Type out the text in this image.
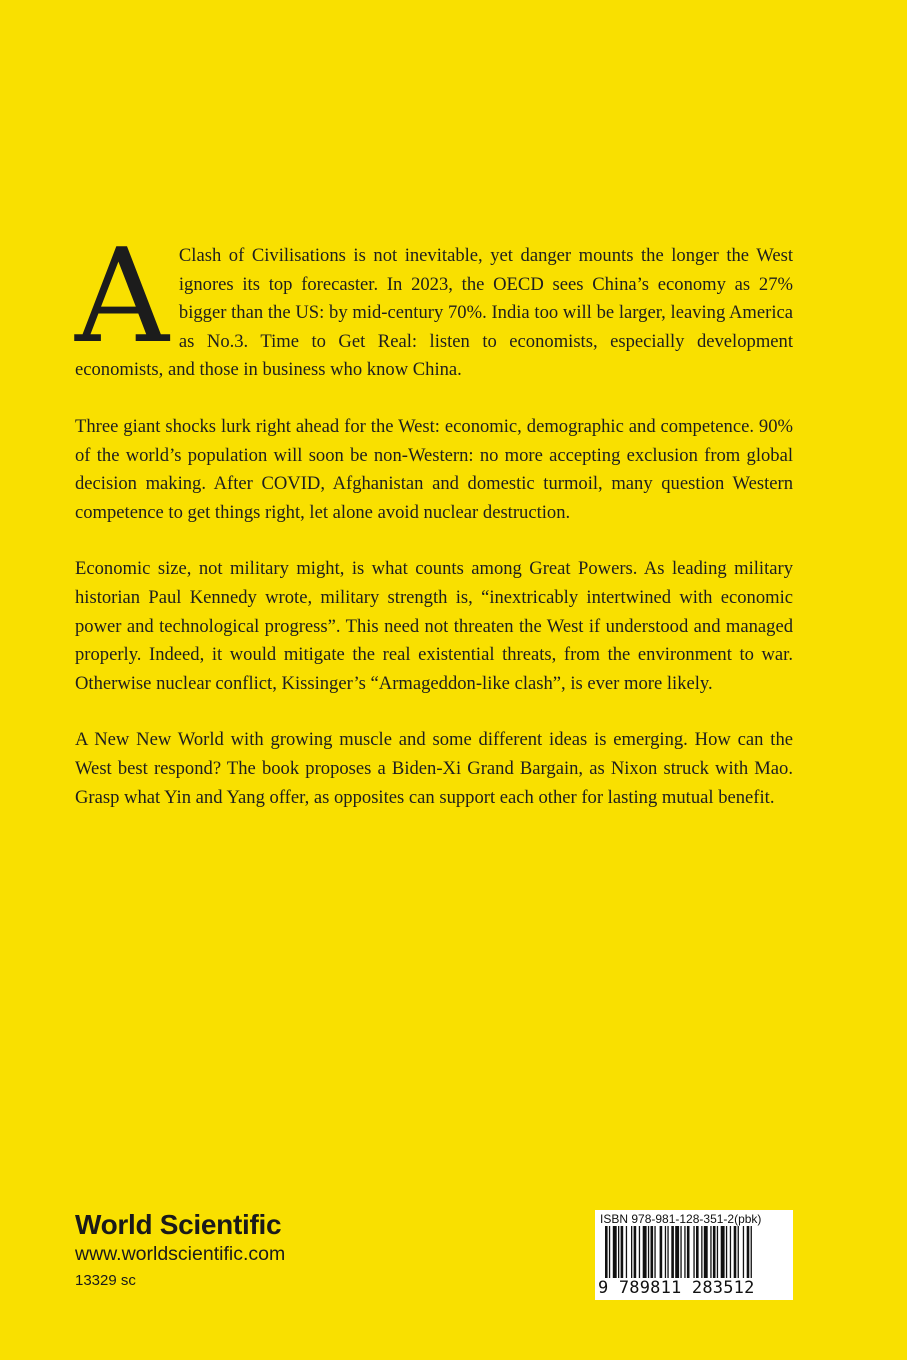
A Clash of Civilisations is not inevitable, yet danger mounts the longer the West ignores its top forecaster. In 2023, the OECD sees China’s economy as 27% bigger than the US: by mid-century 70%. India too will be larger, leaving America as No.3. Time to Get Real: listen to economists, especially development economists, and those in business who know China.

Three giant shocks lurk right ahead for the West: economic, demographic and competence. 90% of the world’s population will soon be non-Western: no more accepting exclusion from global decision making. After COVID, Afghanistan and domestic turmoil, many question Western competence to get things right, let alone avoid nuclear destruction.

Economic size, not military might, is what counts among Great Powers. As leading military historian Paul Kennedy wrote, military strength is, “inextricably intertwined with economic power and technological progress”. This need not threaten the West if understood and managed properly. Indeed, it would mitigate the real existential threats, from the environment to war. Otherwise nuclear conflict, Kissinger’s “Armageddon-like clash”, is ever more likely.

A New New World with growing muscle and some different ideas is emerging. How can the West best respond? The book proposes a Biden-Xi Grand Bargain, as Nixon struck with Mao. Grasp what Yin and Yang offer, as opposites can support each other for lasting mutual benefit.

World Scientific
www.worldscientific.com
13329 sc
ISBN 978-981-128-351-2(pbk)
9 789811 283512
